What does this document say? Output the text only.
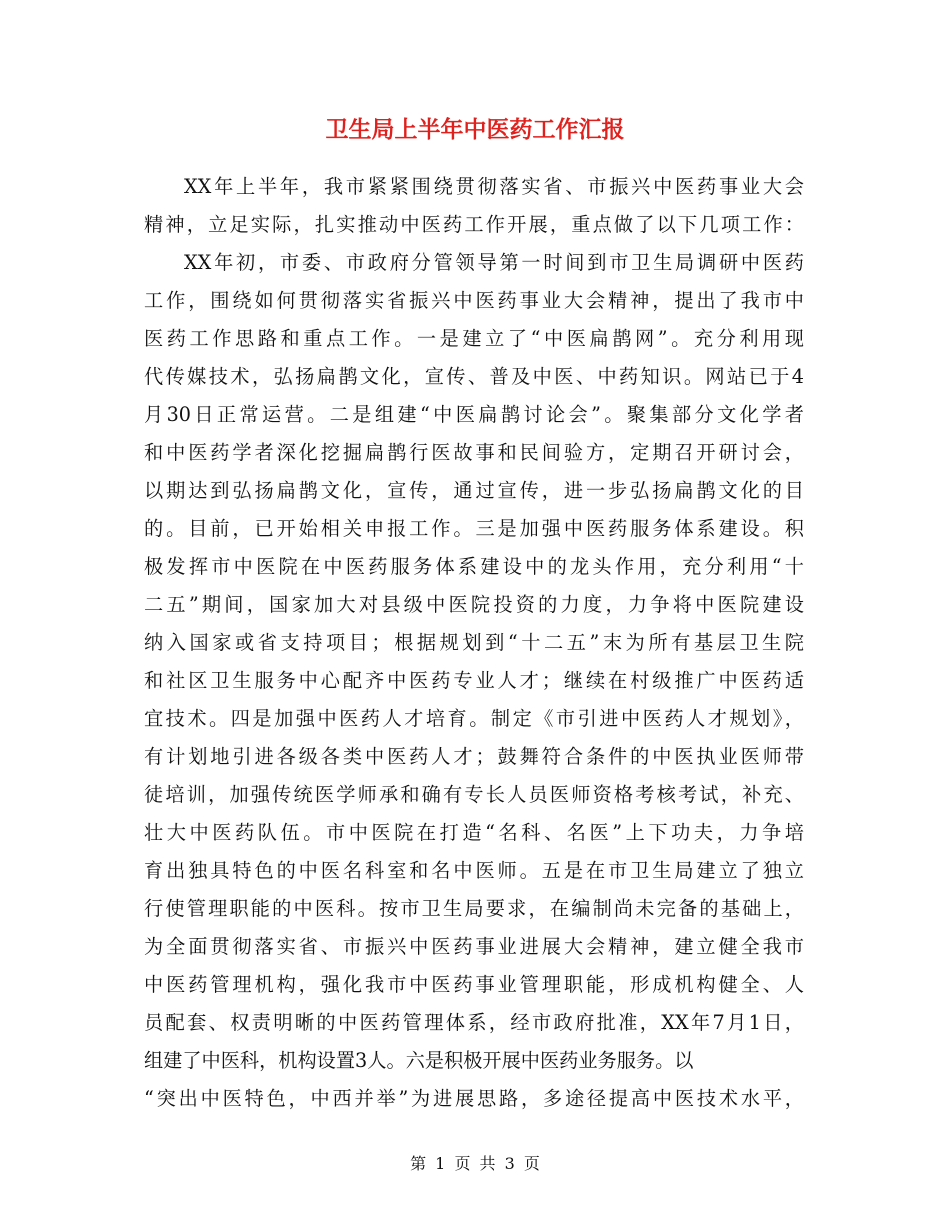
卫生局上半年中医药工作汇报
XX年上半年，我市紧紧围绕贯彻落实省、市振兴中医药事业大会
精神，立足实际，扎实推动中医药工作开展，重点做了以下几项工作：
XX年初，市委、市政府分管领导第一时间到市卫生局调研中医药
工作，围绕如何贯彻落实省振兴中医药事业大会精神，提出了我市中
医药工作思路和重点工作。一是建立了“中医扁鹊网”。充分利用现
代传媒技术，弘扬扁鹊文化，宣传、普及中医、中药知识。网站已于4
月30日正常运营。二是组建“中医扁鹊讨论会”。聚集部分文化学者
和中医药学者深化挖掘扁鹊行医故事和民间验方，定期召开研讨会，
以期达到弘扬扁鹊文化，宣传，通过宣传，进一步弘扬扁鹊文化的目
的。目前，已开始相关申报工作。三是加强中医药服务体系建设。积
极发挥市中医院在中医药服务体系建设中的龙头作用，充分利用“十
二五”期间，国家加大对县级中医院投资的力度，力争将中医院建设
纳入国家或省支持项目；根据规划到“十二五”末为所有基层卫生院
和社区卫生服务中心配齐中医药专业人才；继续在村级推广中医药适
宜技术。四是加强中医药人才培育。制定《市引进中医药人才规划》，
有计划地引进各级各类中医药人才；鼓舞符合条件的中医执业医师带
徒培训，加强传统医学师承和确有专长人员医师资格考核考试，补充、
壮大中医药队伍。市中医院在打造“名科、名医”上下功夫，力争培
育出独具特色的中医名科室和名中医师。五是在市卫生局建立了独立
行使管理职能的中医科。按市卫生局要求，在编制尚未完备的基础上，
为全面贯彻落实省、市振兴中医药事业进展大会精神，建立健全我市
中医药管理机构，强化我市中医药事业管理职能，形成机构健全、人
员配套、权责明晰的中医药管理体系，经市政府批准，XX年7月1日，
组建了中医科，机构设置3人。六是积极开展中医药业务服务。以
“突出中医特色，中西并举”为进展思路，多途径提高中医技术水平，
第 1 页 共 3 页
